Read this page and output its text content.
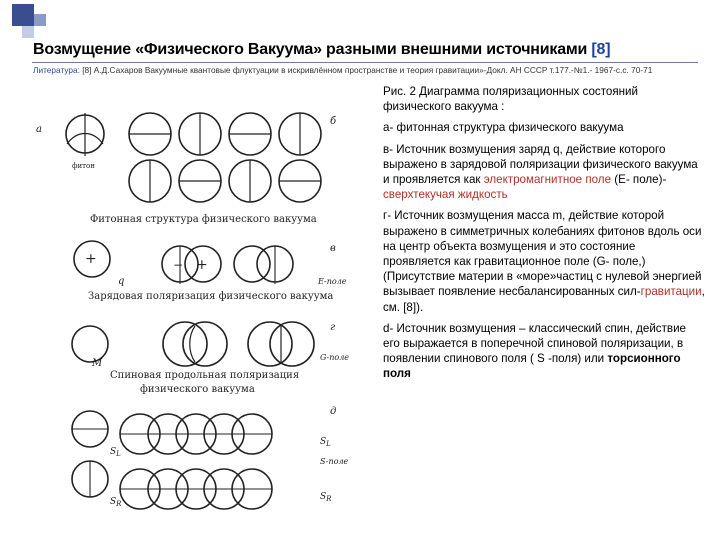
Возмущение «Физического Вакуума» разными внешними источниками [8]
Литература: [8] А.Д.Сахаров Вакуумные квантовые флуктуации в искривлённом пространстве и теория гравитации»-Докл. АН СССР т.177.-№1.- 1967-с.с. 70-71
а
б
в
г
д
фитон
Фитонная структура физического вакуума
Зарядовая поляризация физического вакуума
Спиновая продольная поляризация
физического вакуума
+	− +
q	E-поле
M
G-поле
$S_L$
$S_L$
S-поле
$S_R$
$S_R$

Рис. 2 Диаграмма поляризационных состояний физического вакуума :

а- фитонная структура физического вакуума

в- Источник возмущения заряд q, действие которого выражено в зарядовой поляризации физического вакуума и проявляется как электромагнитное поле (Е- поле)-сверхтекучая жидкость

г- Источник возмущения масса m, действие которой выражено в симметричных колебаниях фитонов вдоль оси на центр объекта возмущения и это состояние проявляется как гравитационное поле (G- поле,) (Присутствие материи в «море»частиц с нулевой энергией вызывает появление несбалансированных сил-гравитации, см. [8]).

d- Источник возмущения – классический спин, действие его выражается в поперечной спиновой поляризации, в появлении спинового поля ( S -поля) или торсионного поля
